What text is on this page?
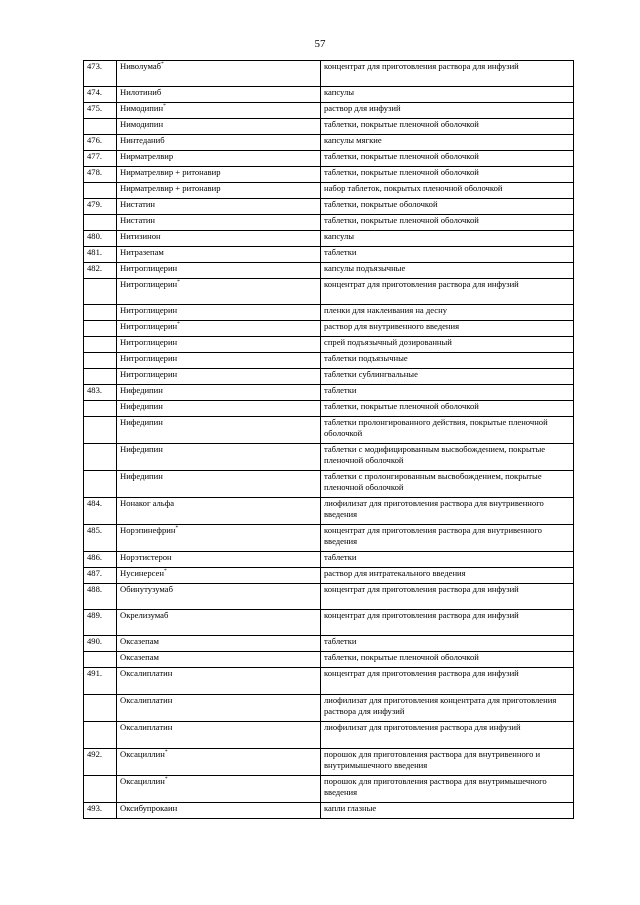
57
473.	Ниволумаб*	концентрат для приготовления раствора для инфузий
474.	Нилотиниб	капсулы
475.	Нимодипин*	раствор для инфузий
	Нимодипин	таблетки, покрытые пленочной оболочкой
476.	Нинтеданиб	капсулы мягкие
477.	Нирматрелвир	таблетки, покрытые пленочной оболочкой
478.	Нирматрелвир + ритонавир	таблетки, покрытые пленочной оболочкой
	Нирматрелвир + ритонавир	набор таблеток, покрытых пленочной оболочкой
479.	Нистатин	таблетки, покрытые оболочкой
	Нистатин	таблетки, покрытые пленочной оболочкой
480.	Нитизинон	капсулы
481.	Нитразепам	таблетки
482.	Нитроглицерин	капсулы подъязычные
	Нитроглицерин*	концентрат для приготовления раствора для инфузий
	Нитроглицерин	пленки для наклеивания на десну
	Нитроглицерин*	раствор для внутривенного введения
	Нитроглицерин	спрей подъязычный дозированный
	Нитроглицерин	таблетки подъязычные
	Нитроглицерин	таблетки сублингвальные
483.	Нифедипин	таблетки
	Нифедипин	таблетки, покрытые пленочной оболочкой
	Нифедипин	таблетки пролонгированного действия, покрытые пленочной оболочкой
	Нифедипин	таблетки с модифицированным высвобождением, покрытые пленочной оболочкой
	Нифедипин	таблетки с пролонгированным высвобождением, покрытые пленочной оболочкой
484.	Нонаког альфа	лиофилизат для приготовления раствора для внутривенного введения
485.	Норэпинефрин*	концентрат для приготовления раствора для внутривенного введения
486.	Норэтистерон	таблетки
487.	Нусинерсен*	раствор для интратекального введения
488.	Обинутузумаб	концентрат для приготовления раствора для инфузий
489.	Окрелизумаб	концентрат для приготовления раствора для инфузий
490.	Оксазепам	таблетки
	Оксазепам	таблетки, покрытые пленочной оболочкой
491.	Оксалиплатин	концентрат для приготовления раствора для инфузий
	Оксалиплатин	лиофилизат для приготовления концентрата для приготовления раствора для инфузий
	Оксалиплатин	лиофилизат для приготовления раствора для инфузий
492.	Оксациллин*	порошок для приготовления раствора для внутривенного и внутримышечного введения
	Оксациллин*	порошок для приготовления раствора для внутримышечного введения
493.	Оксибупрокаин	капли глазные
